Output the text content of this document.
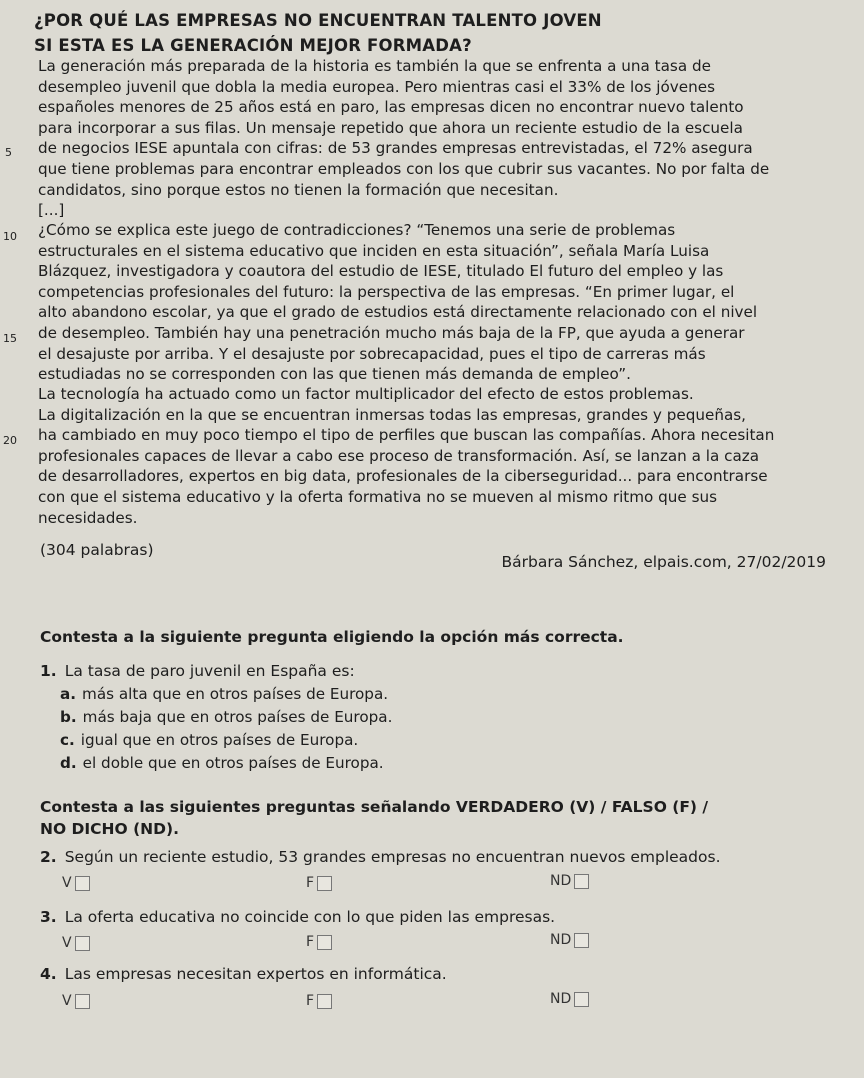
¿POR QUÉ LAS EMPRESAS NO ENCUENTRAN TALENTO JOVEN
SI ESTA ES LA GENERACIÓN MEJOR FORMADA?
La generación más preparada de la historia es también la que se enfrenta a una tasa de
desempleo juvenil que dobla la media europea. Pero mientras casi el 33% de los jóvenes
españoles menores de 25 años está en paro, las empresas dicen no encontrar nuevo talento
para incorporar a sus filas. Un mensaje repetido que ahora un reciente estudio de la escuela
de negocios IESE apuntala con cifras: de 53 grandes empresas entrevistadas, el 72% asegura
que tiene problemas para encontrar empleados con los que cubrir sus vacantes. No por falta de
candidatos, sino porque estos no tienen la formación que necesitan.
[...]
¿Cómo se explica este juego de contradicciones? “Tenemos una serie de problemas
estructurales en el sistema educativo que inciden en esta situación”, señala María Luisa
Blázquez, investigadora y coautora del estudio de IESE, titulado El futuro del empleo y las
competencias profesionales del futuro: la perspectiva de las empresas. “En primer lugar, el
alto abandono escolar, ya que el grado de estudios está directamente relacionado con el nivel
de desempleo. También hay una penetración mucho más baja de la FP, que ayuda a generar
el desajuste por arriba. Y el desajuste por sobrecapacidad, pues el tipo de carreras más
estudiadas no se corresponden con las que tienen más demanda de empleo”.
La tecnología ha actuado como un factor multiplicador del efecto de estos problemas.
La digitalización en la que se encuentran inmersas todas las empresas, grandes y pequeñas,
ha cambiado en muy poco tiempo el tipo de perfiles que buscan las compañías. Ahora necesitan
profesionales capaces de llevar a cabo ese proceso de transformación. Así, se lanzan a la caza
de desarrolladores, expertos en big data, profesionales de la ciberseguridad... para encontrarse
con que el sistema educativo y la oferta formativa no se mueven al mismo ritmo que sus
necesidades.
5
10
15
20
(304 palabras)
Bárbara Sánchez, elpais.com, 27/02/2019
Contesta a la siguiente pregunta eligiendo la opción más correcta.
1. La tasa de paro juvenil en España es:
a. más alta que en otros países de Europa.
b. más baja que en otros países de Europa.
c. igual que en otros países de Europa.
d. el doble que en otros países de Europa.
Contesta a las siguientes preguntas señalando VERDADERO (V) / FALSO (F) /
NO DICHO (ND).
2. Según un reciente estudio, 53 grandes empresas no encuentran nuevos empleados.
V	F	ND
3. La oferta educativa no coincide con lo que piden las empresas.
V	F	ND
4. Las empresas necesitan expertos en informática.
V	F	ND
